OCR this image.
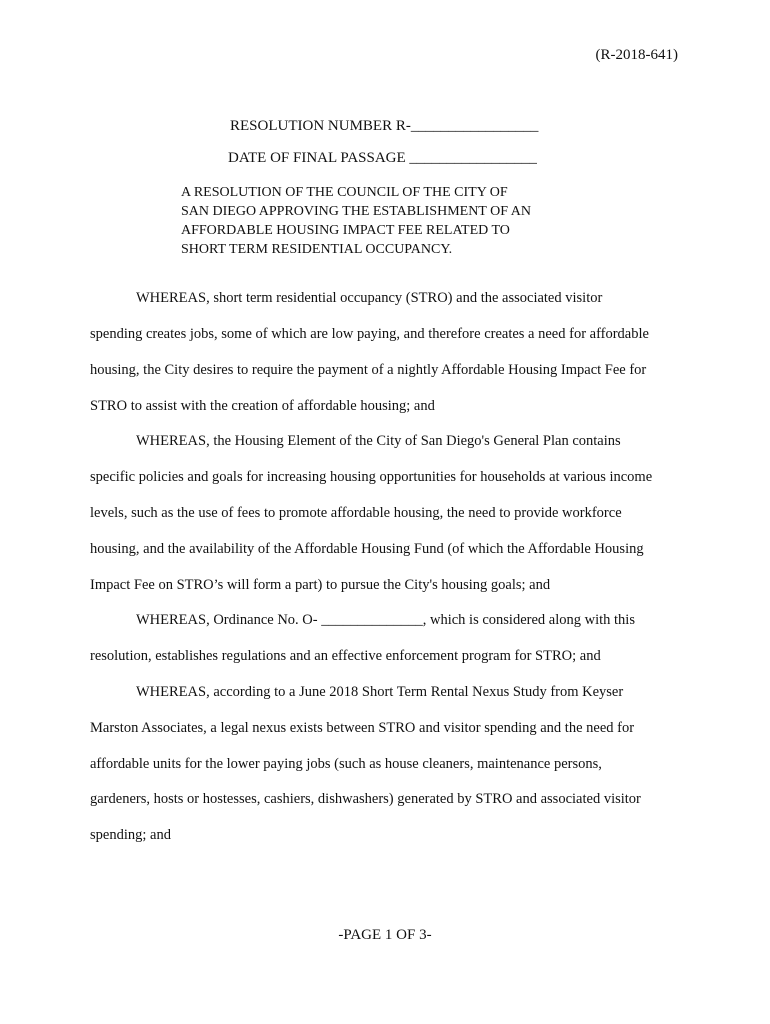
(R-2018-641)
RESOLUTION NUMBER R-_________________
DATE OF FINAL PASSAGE _________________
A RESOLUTION OF THE COUNCIL OF THE CITY OF
SAN DIEGO APPROVING THE ESTABLISHMENT OF AN
AFFORDABLE HOUSING IMPACT FEE RELATED TO
SHORT TERM RESIDENTIAL OCCUPANCY.
WHEREAS, short term residential occupancy (STRO) and the associated visitor
spending creates jobs, some of which are low paying, and therefore creates a need for affordable
housing, the City desires to require the payment of a nightly Affordable Housing Impact Fee for
STRO to assist with the creation of affordable housing; and
WHEREAS, the Housing Element of the City of San Diego's General Plan contains
specific policies and goals for increasing housing opportunities for households at various income
levels, such as the use of fees to promote affordable housing, the need to provide workforce
housing, and the availability of the Affordable Housing Fund (of which the Affordable Housing
Impact Fee on STRO’s will form a part) to pursue the City's housing goals; and
WHEREAS, Ordinance No. O- ______________, which is considered along with this
resolution, establishes regulations and an effective enforcement program for STRO; and
WHEREAS, according to a June 2018 Short Term Rental Nexus Study from Keyser
Marston Associates, a legal nexus exists between STRO and visitor spending and the need for
affordable units for the lower paying jobs (such as house cleaners, maintenance persons,
gardeners, hosts or hostesses, cashiers, dishwashers) generated by STRO and associated visitor
spending; and
-PAGE 1 OF 3-
